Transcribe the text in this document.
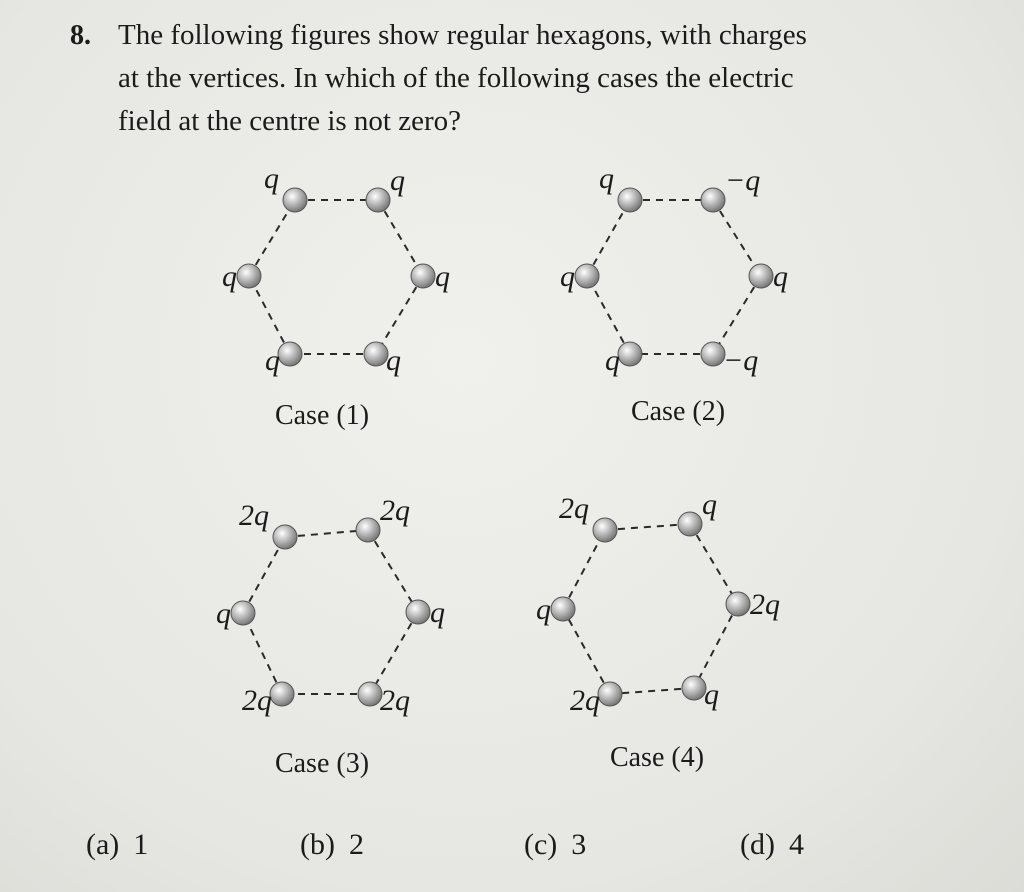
8. The following figures show regular hexagons, with charges
at the vertices. In which of the following cases the electric
field at the centre is not zero?
q	q
q
q
q
q
Case (1)
q	−q
q
−q
q
q
Case (2)
2q	2q
q
2q
2q
q
Case (3)
2q	q
2q
q
2q
q
Case (4)
(a) 1	(b) 2	(c) 3	(d) 4
